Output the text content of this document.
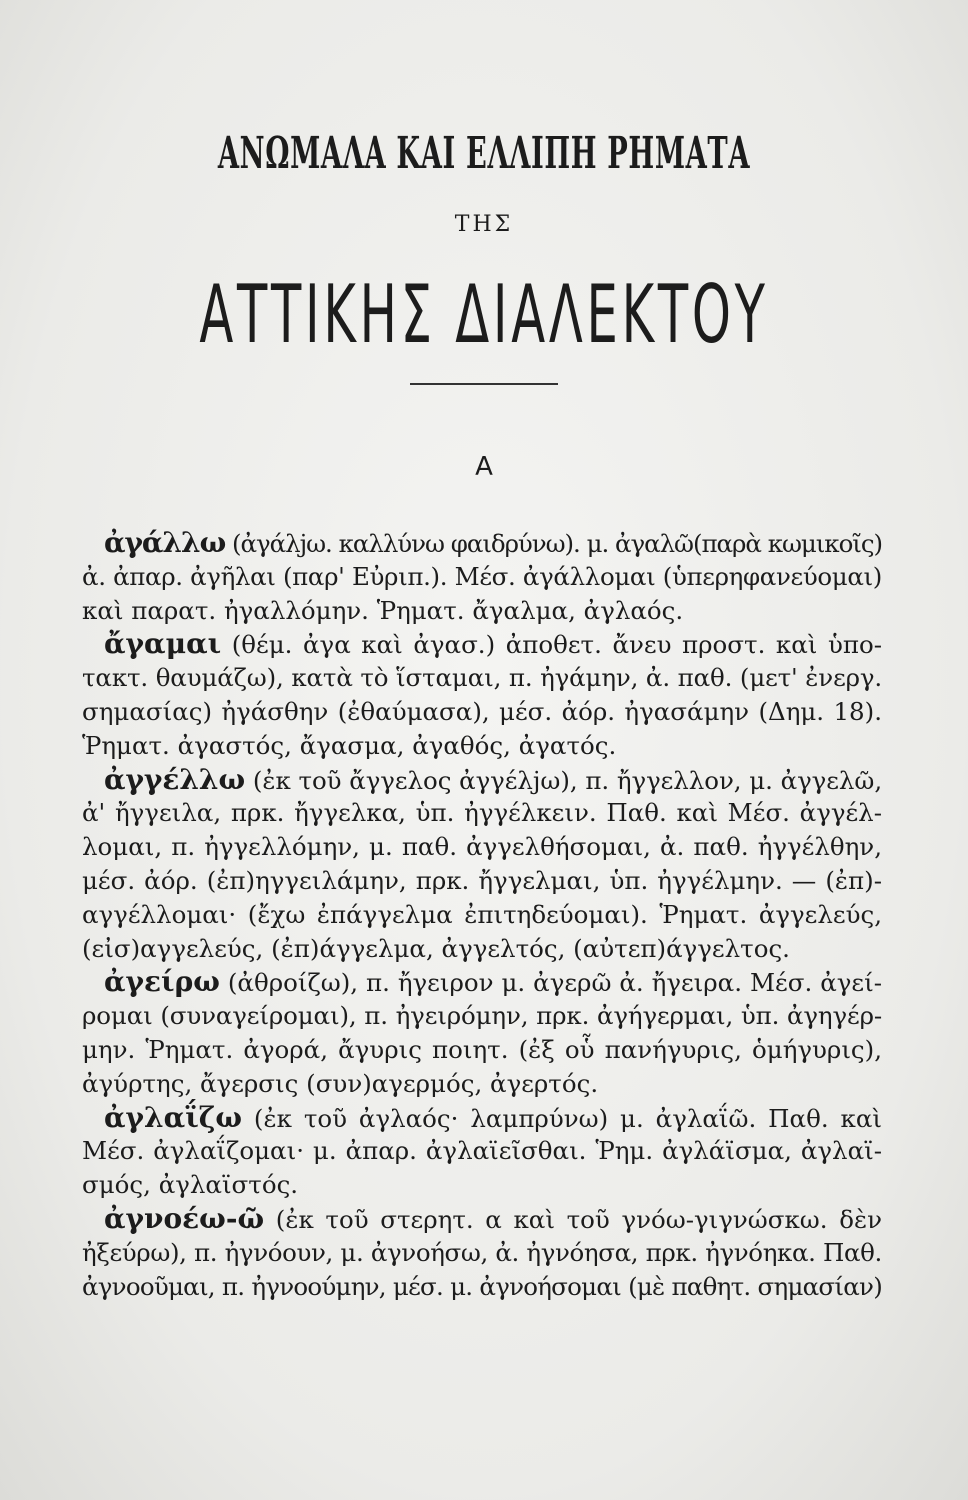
ΑΝΩΜΑΛΑ ΚΑΙ ΕΛΛΙΠΗ ΡΗΜΑΤΑ
ΤΗΣ
ΑΤΤΙΚΗΣ ΔΙΑΛΕΚΤΟΥ
Α
ἀγάλλω (ἀγάλjω. καλλύνω φαιδρύνω). μ. ἀγαλῶ(παρὰ κωμικοῖς)
ἀ. ἀπαρ. ἀγῆλαι (παρ' Εὐριπ.). Μέσ. ἀγάλλομαι (ὑπερηφανεύομαι)
καὶ παρατ. ἠγαλλόμην. Ῥηματ. ἄγαλμα, ἀγλαός.
ἄγαμαι (θέμ. ἀγα καὶ ἀγασ.) ἀποθετ. ἄνευ προστ. καὶ ὑπο-
τακτ. θαυμάζω), κατὰ τὸ ἵσταμαι, π. ἠγάμην, ἀ. παθ. (μετ' ἐνεργ.
σημασίας) ἠγάσθην (ἐθαύμασα), μέσ. ἀόρ. ἠγασάμην (Δημ. 18).
Ῥηματ. ἀγαστός, ἄγασμα, ἀγαθός, ἀγατός.
ἀγγέλλω (ἐκ τοῦ ἄγγελος ἀγγέλjω), π. ἤγγελλον, μ. ἀγγελῶ,
ἀ' ἤγγειλα, πρκ. ἤγγελκα, ὑπ. ἠγγέλκειν. Παθ. καὶ Μέσ. ἀγγέλ-
λομαι, π. ἠγγελλόμην, μ. παθ. ἀγγελθήσομαι, ἀ. παθ. ἠγγέλθην,
μέσ. ἀόρ. (ἐπ)ηγγειλάμην, πρκ. ἤγγελμαι, ὑπ. ἠγγέλμην. — (ἐπ)-
αγγέλλομαι· (ἔχω ἐπάγγελμα ἐπιτηδεύομαι). Ῥηματ. ἀγγελεύς,
(εἰσ)αγγελεύς, (ἐπ)άγγελμα, ἀγγελτός, (αὐτεπ)άγγελτος.
ἀγείρω (ἀθροίζω), π. ἤγειρον μ. ἀγερῶ ἀ. ἤγειρα. Μέσ. ἀγεί-
ρομαι (συναγείρομαι), π. ἠγειρόμην, πρκ. ἀγήγερμαι, ὑπ. ἀγηγέρ-
μην. Ῥηματ. ἀγορά, ἄγυρις ποιητ. (ἐξ οὗ πανήγυρις, ὁμήγυρις),
ἀγύρτης, ἄγερσις (συν)αγερμός, ἀγερτός.
ἀγλαΐζω (ἐκ τοῦ ἀγλαός· λαμπρύνω) μ. ἀγλαΐῶ. Παθ. καὶ
Μέσ. ἀγλαΐζομαι· μ. ἀπαρ. ἀγλαϊεῖσθαι. Ῥημ. ἀγλάϊσμα, ἀγλαϊ-
σμός, ἀγλαϊστός.
ἀγνοέω-ῶ (ἐκ τοῦ στερητ. α καὶ τοῦ γνόω-γιγνώσκω. δὲν
ἠξεύρω), π. ἠγνόουν, μ. ἀγνοήσω, ἀ. ἠγνόησα, πρκ. ἠγνόηκα. Παθ.
ἀγνοοῦμαι, π. ἠγνοούμην, μέσ. μ. ἀγνοήσομαι (μὲ παθητ. σημασίαν)
